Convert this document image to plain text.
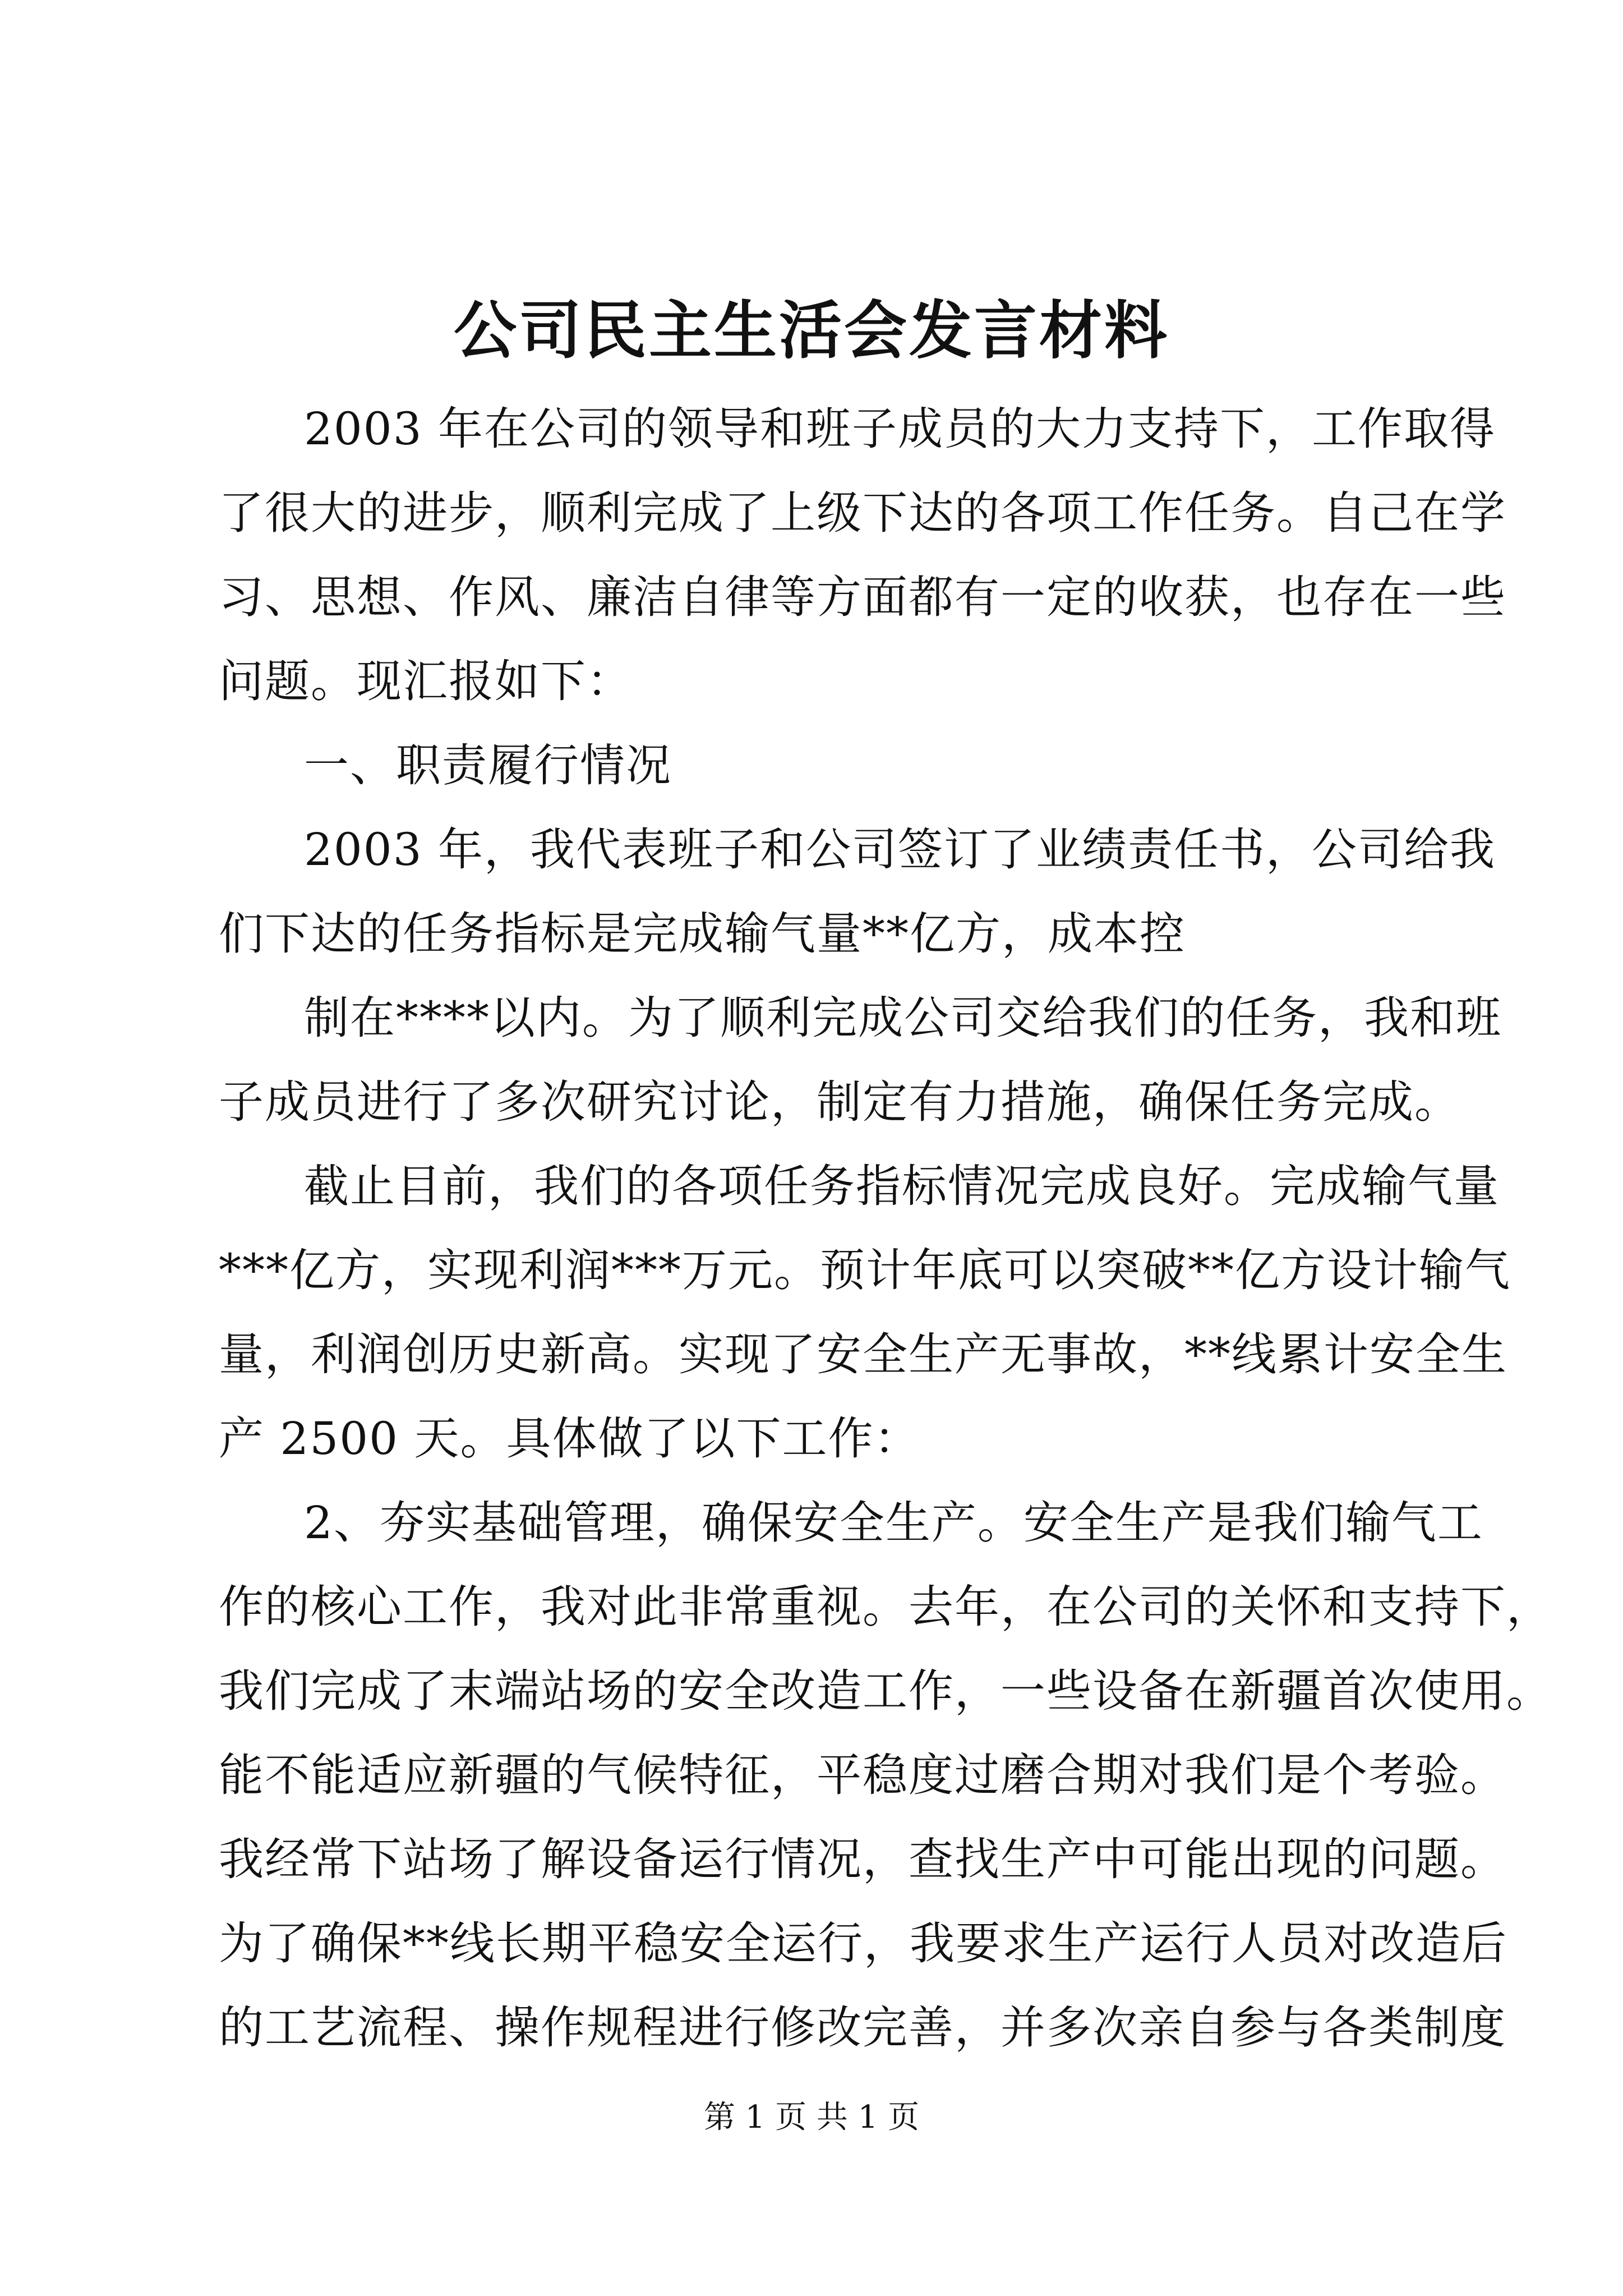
公司民主生活会发言材料
2003 年在公司的领导和班子成员的大力支持下，工作取得
了很大的进步，顺利完成了上级下达的各项工作任务。自己在学
习、思想、作风、廉洁自律等方面都有一定的收获，也存在一些
问题。现汇报如下：
一、职责履行情况
2003 年，我代表班子和公司签订了业绩责任书，公司给我
们下达的任务指标是完成输气量**亿方，成本控
制在****以内。为了顺利完成公司交给我们的任务，我和班
子成员进行了多次研究讨论，制定有力措施，确保任务完成。
截止目前，我们的各项任务指标情况完成良好。完成输气量
***亿方，实现利润***万元。预计年底可以突破**亿方设计输气
量，利润创历史新高。实现了安全生产无事故，**线累计安全生
产 2500 天。具体做了以下工作：
2、夯实基础管理，确保安全生产。安全生产是我们输气工
作的核心工作，我对此非常重视。去年，在公司的关怀和支持下，
我们完成了末端站场的安全改造工作，一些设备在新疆首次使用。
能不能适应新疆的气候特征，平稳度过磨合期对我们是个考验。
我经常下站场了解设备运行情况，查找生产中可能出现的问题。
为了确保**线长期平稳安全运行，我要求生产运行人员对改造后
的工艺流程、操作规程进行修改完善，并多次亲自参与各类制度
第 1 页 共 1 页
